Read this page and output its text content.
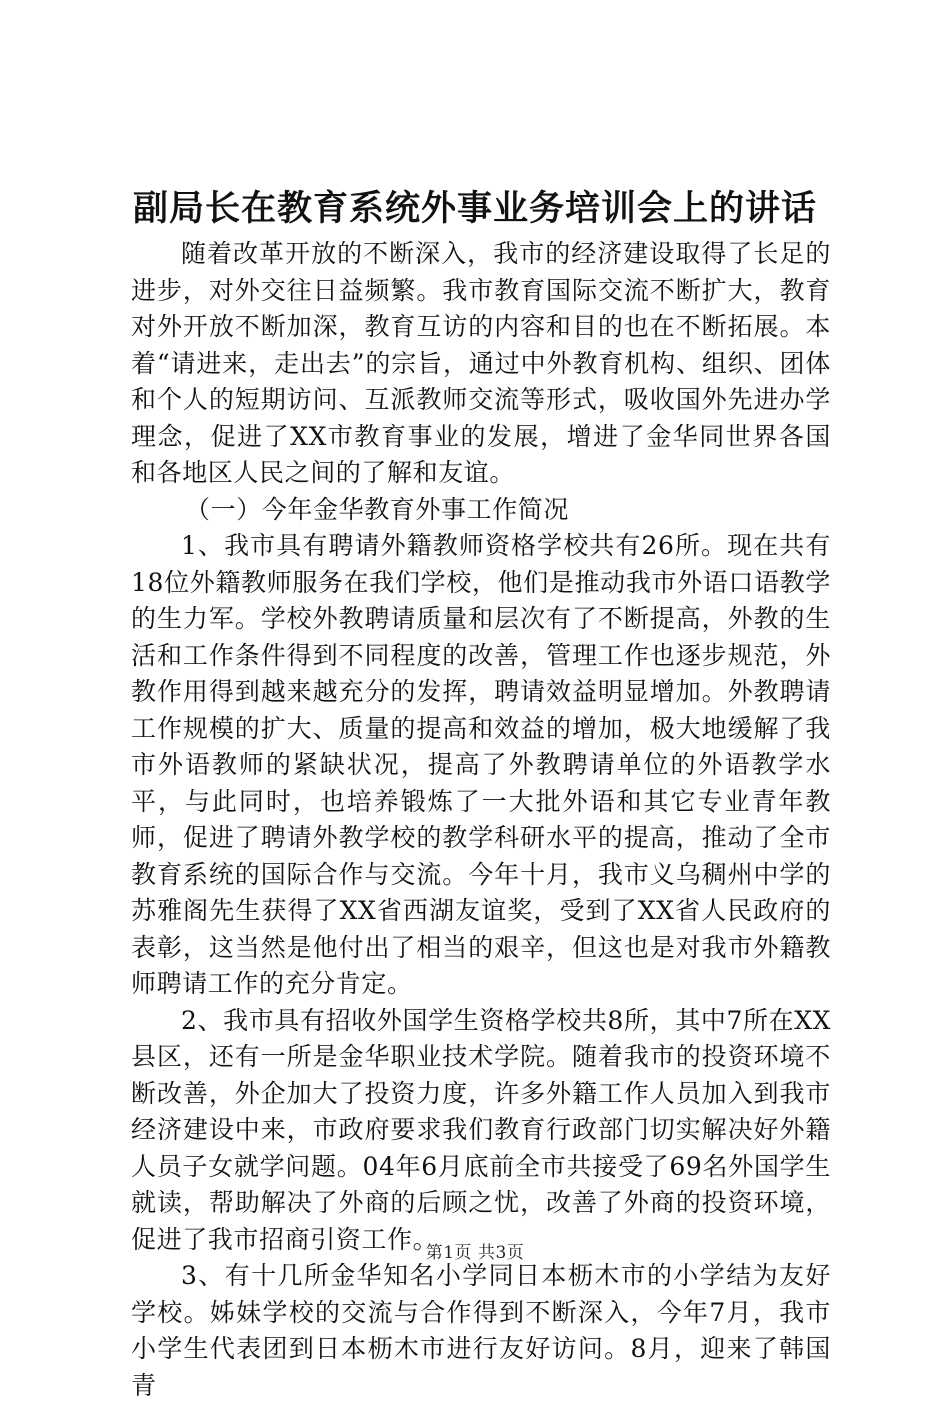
副局长在教育系统外事业务培训会上的讲话

随着改革开放的不断深入，我市的经济建设取得了长足的进步，对外交往日益频繁。我市教育国际交流不断扩大，教育对外开放不断加深，教育互访的内容和目的也在不断拓展。本着“请进来，走出去”的宗旨，通过中外教育机构、组织、团体和个人的短期访问、互派教师交流等形式，吸收国外先进办学理念，促进了XX市教育事业的发展，增进了金华同世界各国和各地区人民之间的了解和友谊。

（一）今年金华教育外事工作简况

1、我市具有聘请外籍教师资格学校共有26所。现在共有18位外籍教师服务在我们学校，他们是推动我市外语口语教学的生力军。学校外教聘请质量和层次有了不断提高，外教的生活和工作条件得到不同程度的改善，管理工作也逐步规范，外教作用得到越来越充分的发挥，聘请效益明显增加。外教聘请工作规模的扩大、质量的提高和效益的增加，极大地缓解了我市外语教师的紧缺状况，提高了外教聘请单位的外语教学水平，与此同时，也培养锻炼了一大批外语和其它专业青年教师，促进了聘请外教学校的教学科研水平的提高，推动了全市教育系统的国际合作与交流。今年十月，我市义乌稠州中学的苏雅阁先生获得了XX省西湖友谊奖，受到了XX省人民政府的表彰，这当然是他付出了相当的艰辛，但这也是对我市外籍教师聘请工作的充分肯定。

2、我市具有招收外国学生资格学校共8所，其中7所在XX县区，还有一所是金华职业技术学院。随着我市的投资环境不断改善，外企加大了投资力度，许多外籍工作人员加入到我市经济建设中来，市政府要求我们教育行政部门切实解决好外籍人员子女就学问题。04年6月底前全市共接受了69名外国学生就读，帮助解决了外商的后顾之忧，改善了外商的投资环境，促进了我市招商引资工作。

3、有十几所金华知名小学同日本枥木市的小学结为友好学校。姊妹学校的交流与合作得到不断深入，今年7月，我市小学生代表团到日本枥木市进行友好访问。8月，迎来了韩国青

第1页 共3页
